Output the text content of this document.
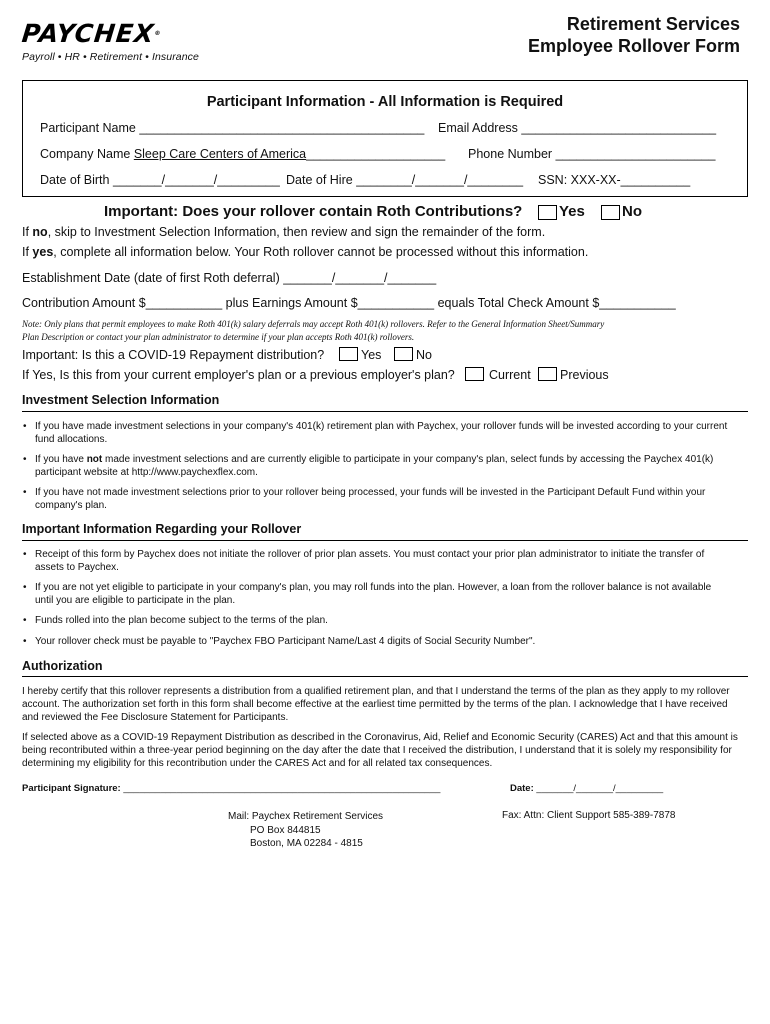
PAYCHEX®
Payroll • HR • Retirement • Insurance
Retirement Services
Employee Rollover Form
Participant Information - All Information is Required
Participant Name _________________________________________ Email Address ____________________________
Company Name Sleep Care Centers of America____________________ Phone Number _______________________
Date of Birth _______/_______/_________ Date of Hire ________/_______/________ SSN: XXX-XX-__________
Important: Does your rollover contain Roth Contributions? Yes No
If no, skip to Investment Selection Information, then review and sign the remainder of the form.
If yes, complete all information below. Your Roth rollover cannot be processed without this information.
Establishment Date (date of first Roth deferral) _______/_______/_______
Contribution Amount $___________ plus Earnings Amount $___________ equals Total Check Amount $___________
Note: Only plans that permit employees to make Roth 401(k) salary deferrals may accept Roth 401(k) rollovers. Refer to the General Information Sheet/Summary
Plan Description or contact your plan administrator to determine if your plan accepts Roth 401(k) rollovers.
Important: Is this a COVID-19 Repayment distribution?	Yes	No
If Yes, Is this from your current employer's plan or a previous employer's plan?	Current Previous
Investment Selection Information
• If you have made investment selections in your company's 401(k) retirement plan with Paychex, your rollover funds will be invested according to your current fund allocations.
• If you have not made investment selections and are currently eligible to participate in your company's plan, select funds by accessing the Paychex 401(k) participant website at http://www.paychexflex.com.
• If you have not made investment selections prior to your rollover being processed, your funds will be invested in the Participant Default Fund within your company's plan.
Important Information Regarding your Rollover
• Receipt of this form by Paychex does not initiate the rollover of prior plan assets. You must contact your prior plan administrator to initiate the transfer of assets to Paychex.
• If you are not yet eligible to participate in your company's plan, you may roll funds into the plan. However, a loan from the rollover balance is not available until you are eligible to participate in the plan.
• Funds rolled into the plan become subject to the terms of the plan.
• Your rollover check must be payable to "Paychex FBO Participant Name/Last 4 digits of Social Security Number".
Authorization
I hereby certify that this rollover represents a distribution from a qualified retirement plan, and that I understand the terms of the plan as they apply to my rollover account. The authorization set forth in this form shall become effective at the earliest time permitted by the terms of the plan. I acknowledge that I have received and reviewed the Fee Disclosure Statement for Participants.
If selected above as a COVID-19 Repayment Distribution as described in the Coronavirus, Aid, Relief and Economic Security (CARES) Act and that this amount is being recontributed within a three-year period beginning on the day after the date that I received the distribution, I understand that it is solely my responsibility for determining my eligibility for this recontribution under the CARES Act and for all related tax consequences.
Participant Signature: ____________________________________________________________	Date: _______/_______/_________
Mail: Paychex Retirement Services
PO Box 844815
Boston, MA 02284 - 4815
Fax: Attn: Client Support 585-389-7878
